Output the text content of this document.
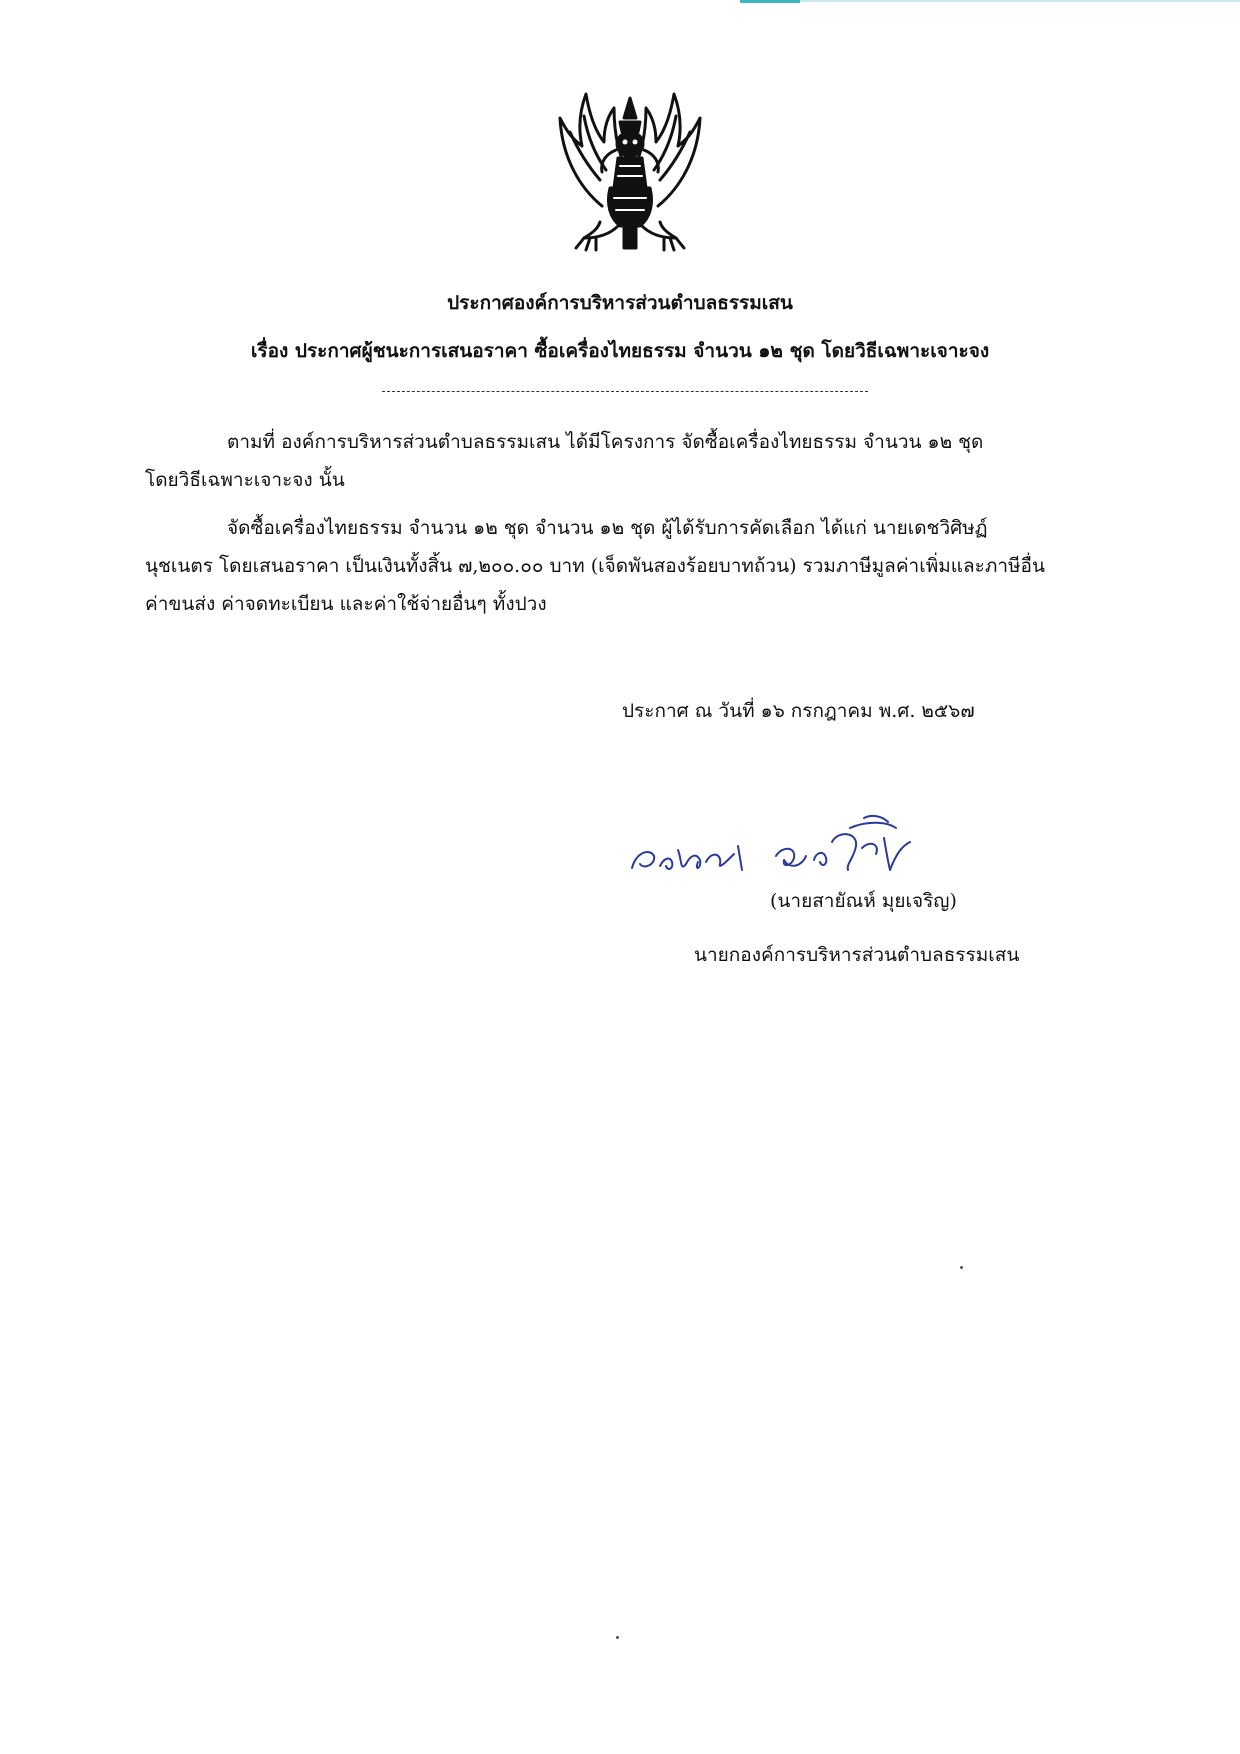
ประกาศองค์การบริหารส่วนตำบลธรรมเสน
เรื่อง ประกาศผู้ชนะการเสนอราคา ซื้อเครื่องไทยธรรม จำนวน ๑๒ ชุด โดยวิธีเฉพาะเจาะจง
ตามที่ องค์การบริหารส่วนตำบลธรรมเสน ได้มีโครงการ จัดซื้อเครื่องไทยธรรม จำนวน ๑๒ ชุด
โดยวิธีเฉพาะเจาะจง นั้น
จัดซื้อเครื่องไทยธรรม จำนวน ๑๒ ชุด จำนวน ๑๒ ชุด ผู้ได้รับการคัดเลือก ได้แก่ นายเดชวิศิษฏ์
นุชเนตร โดยเสนอราคา เป็นเงินทั้งสิ้น ๗,๒๐๐.๐๐ บาท (เจ็ดพันสองร้อยบาทถ้วน) รวมภาษีมูลค่าเพิ่มและภาษีอื่น
ค่าขนส่ง ค่าจดทะเบียน และค่าใช้จ่ายอื่นๆ ทั้งปวง
ประกาศ ณ วันที่ ๑๖ กรกฎาคม พ.ศ. ๒๕๖๗
(นายสายัณห์ มุยเจริญ)
นายกองค์การบริหารส่วนตำบลธรรมเสน
